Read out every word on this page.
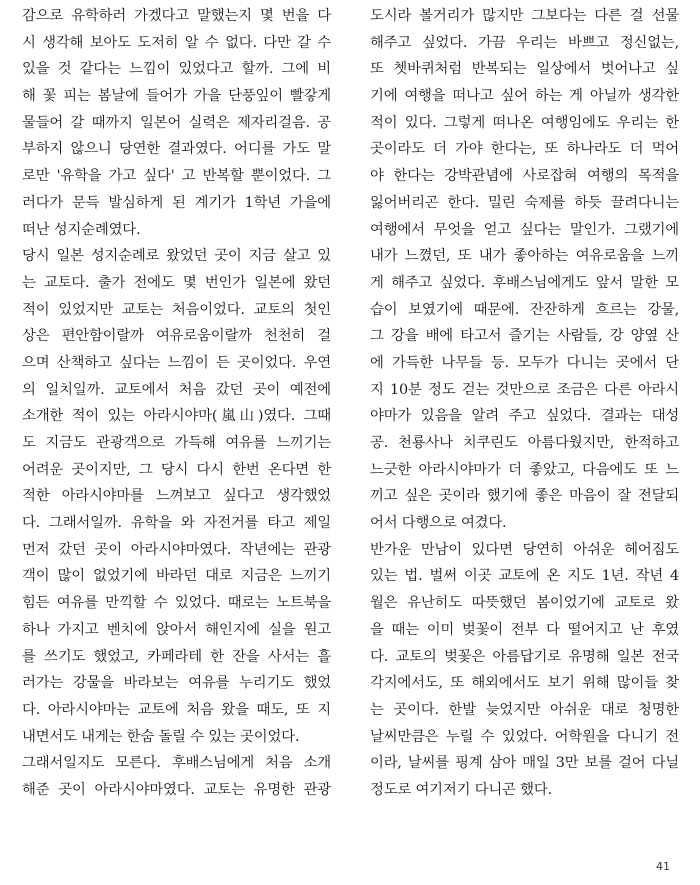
감으로 유학하러 가겠다고 말했는지 몇 번을 다
시 생각해 보아도 도저히 알 수 없다. 다만 갈 수
있을 것 같다는 느낌이 있었다고 할까. 그에 비
해 꽃 피는 봄날에 들어가 가을 단풍잎이 빨갛게
물들어 갈 때까지 일본어 실력은 제자리걸음. 공
부하지 않으니 당연한 결과였다. 어디를 가도 말
로만 '유학을 가고 싶다' 고 반복할 뿐이었다. 그
러다가 문득 발심하게 된 계기가 1학년 가을에
떠난 성지순례였다.
당시 일본 성지순례로 왔었던 곳이 지금 살고 있
는 교토다. 출가 전에도 몇 번인가 일본에 왔던
적이 있었지만 교토는 처음이었다. 교토의 첫인
상은 편안함이랄까 여유로움이랄까 천천히 걸
으며 산책하고 싶다는 느낌이 든 곳이었다. 우연
의 일치일까. 교토에서 처음 갔던 곳이 예전에
소개한 적이 있는 아라시야마(嵐山)였다. 그때
도 지금도 관광객으로 가득해 여유를 느끼기는
어려운 곳이지만, 그 당시 다시 한번 온다면 한
적한 아라시야마를 느껴보고 싶다고 생각했었
다. 그래서일까. 유학을 와 자전거를 타고 제일
먼저 갔던 곳이 아라시야마였다. 작년에는 관광
객이 많이 없었기에 바라던 대로 지금은 느끼기
힘든 여유를 만끽할 수 있었다. 때로는 노트북을
하나 가지고 벤치에 앉아서 해인지에 실을 원고
를 쓰기도 했었고, 카페라테 한 잔을 사서는 흘
러가는 강물을 바라보는 여유를 누리기도 했었
다. 아라시야마는 교토에 처음 왔을 때도, 또 지
내면서도 내게는 한숨 돌릴 수 있는 곳이었다.
그래서일지도 모른다. 후배스님에게 처음 소개
해준 곳이 아라시야마였다. 교토는 유명한 관광
도시라 볼거리가 많지만 그보다는 다른 걸 선물
해주고 싶었다. 가끔 우리는 바쁘고 정신없는,
또 쳇바퀴처럼 반복되는 일상에서 벗어나고 싶
기에 여행을 떠나고 싶어 하는 게 아닐까 생각한
적이 있다. 그렇게 떠나온 여행임에도 우리는 한
곳이라도 더 가야 한다는, 또 하나라도 더 먹어
야 한다는 강박관념에 사로잡혀 여행의 목적을
잃어버리곤 한다. 밀린 숙제를 하듯 끌려다니는
여행에서 무엇을 얻고 싶다는 말인가. 그랬기에
내가 느꼈던, 또 내가 좋아하는 여유로움을 느끼
게 해주고 싶었다. 후배스님에게도 앞서 말한 모
습이 보였기에 때문에. 잔잔하게 흐르는 강물,
그 강을 배에 타고서 즐기는 사람들, 강 양옆 산
에 가득한 나무들 등. 모두가 다니는 곳에서 단
지 10분 정도 걷는 것만으로 조금은 다른 아라시
야마가 있음을 알려 주고 싶었다. 결과는 대성
공. 천룡사나 치쿠린도 아름다웠지만, 한적하고
느긋한 아라시야마가 더 좋았고, 다음에도 또 느
끼고 싶은 곳이라 했기에 좋은 마음이 잘 전달되
어서 다행으로 여겼다.
반가운 만남이 있다면 당연히 아쉬운 헤어짐도
있는 법. 벌써 이곳 교토에 온 지도 1년. 작년 4
월은 유난히도 따뜻했던 봄이었기에 교토로 왔
을 때는 이미 벚꽃이 전부 다 떨어지고 난 후였
다. 교토의 벚꽃은 아름답기로 유명해 일본 전국
각지에서도, 또 해외에서도 보기 위해 많이들 찾
는 곳이다. 한발 늦었지만 아쉬운 대로 청명한
날씨만큼은 누릴 수 있었다. 어학원을 다니기 전
이라, 날씨를 핑계 삼아 매일 3만 보를 걸어 다닐
정도로 여기저기 다니곤 했다.
41
